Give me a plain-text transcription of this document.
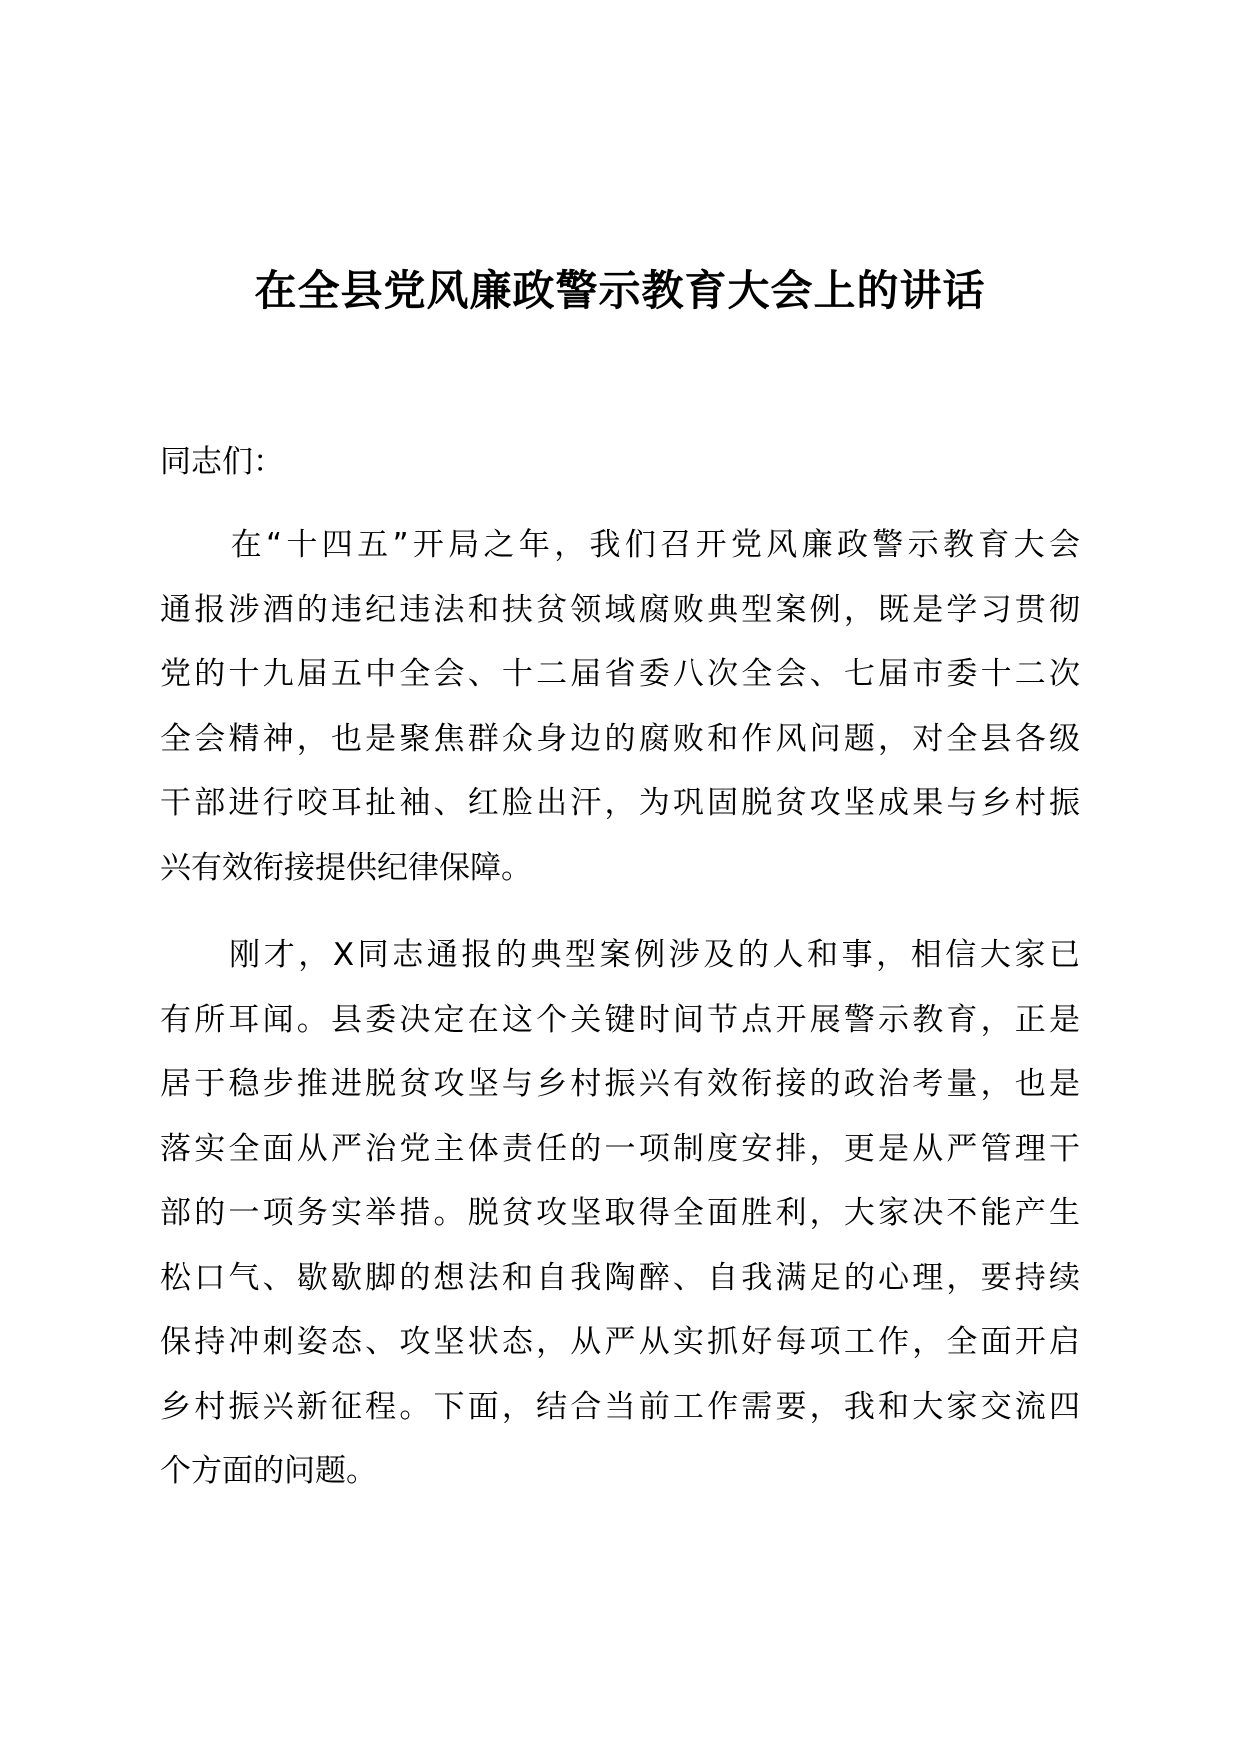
在全县党风廉政警示教育大会上的讲话
同志们：
　　在“十四五”开局之年，我们召开党风廉政警示教育大会
通报涉酒的违纪违法和扶贫领域腐败典型案例，既是学习贯彻
党的十九届五中全会、十二届省委八次全会、七届市委十二次
全会精神，也是聚焦群众身边的腐败和作风问题，对全县各级
干部进行咬耳扯袖、红脸出汗，为巩固脱贫攻坚成果与乡村振
兴有效衔接提供纪律保障。
　　刚才，X同志通报的典型案例涉及的人和事，相信大家已
有所耳闻。县委决定在这个关键时间节点开展警示教育，正是
居于稳步推进脱贫攻坚与乡村振兴有效衔接的政治考量，也是
落实全面从严治党主体责任的一项制度安排，更是从严管理干
部的一项务实举措。脱贫攻坚取得全面胜利，大家决不能产生
松口气、歇歇脚的想法和自我陶醉、自我满足的心理，要持续
保持冲刺姿态、攻坚状态，从严从实抓好每项工作，全面开启
乡村振兴新征程。下面，结合当前工作需要，我和大家交流四
个方面的问题。
